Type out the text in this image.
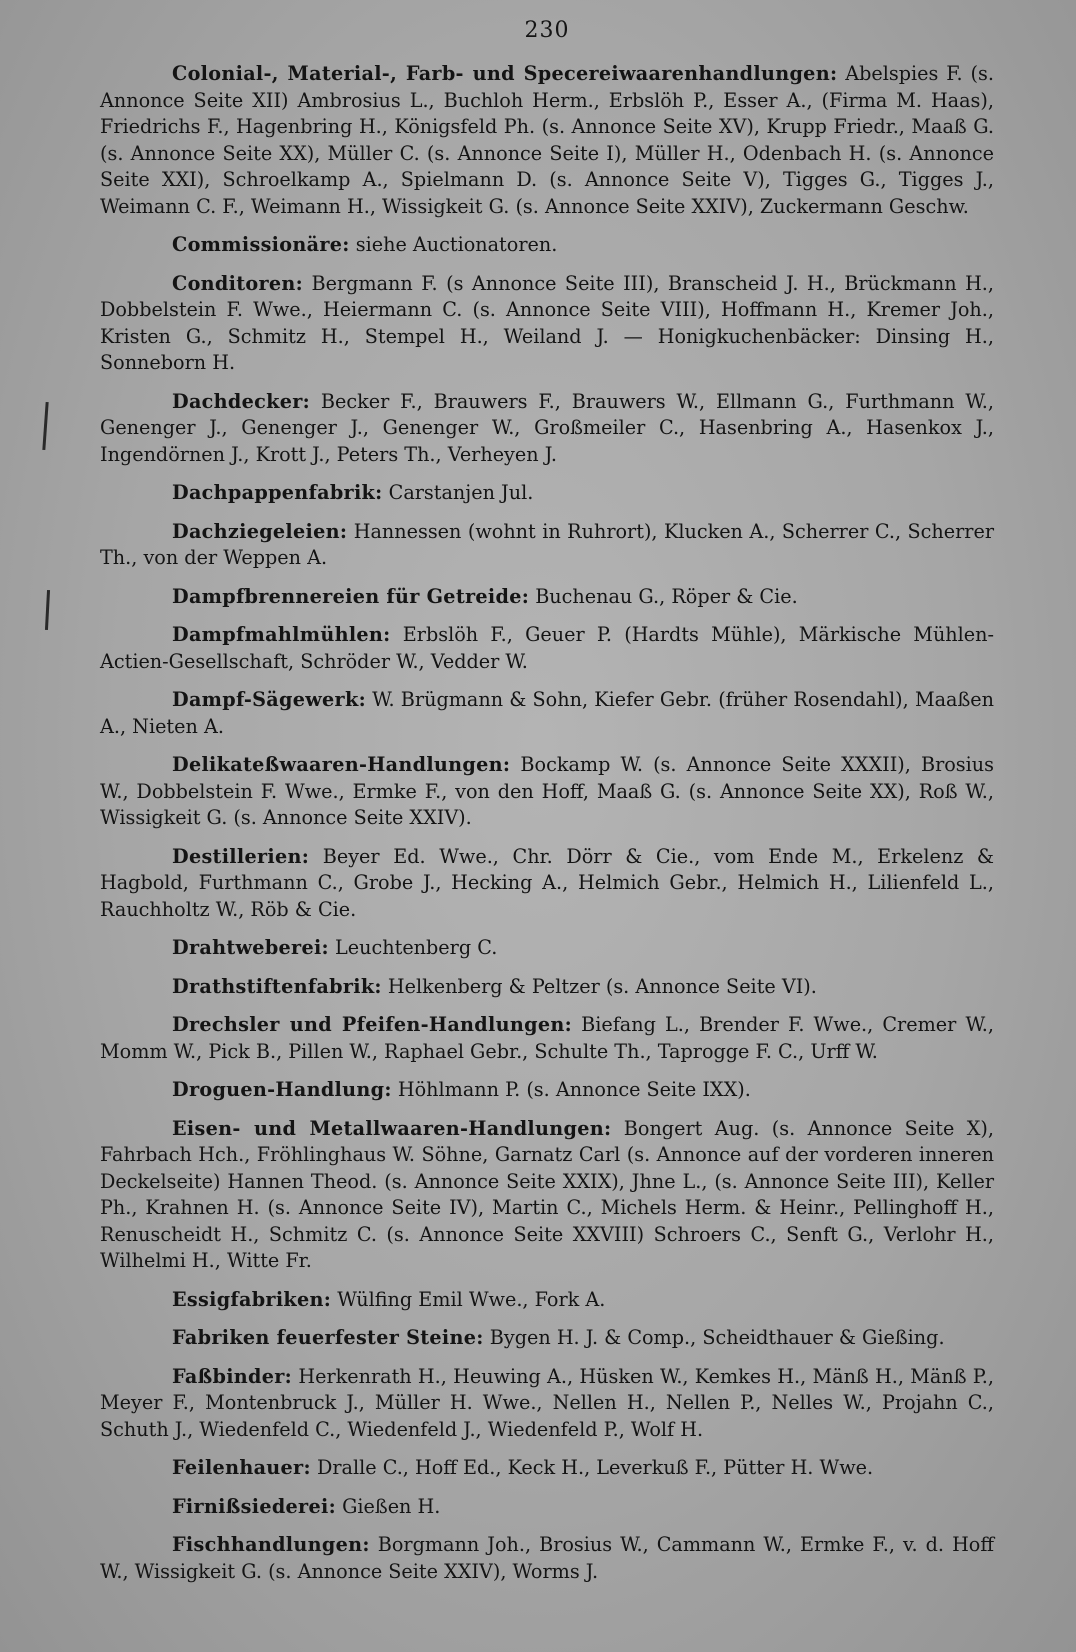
230

Colonial-, Material-, Farb- und Specereiwaarenhandlungen: Abelspies F. (s. Annonce Seite XII) Ambrosius L., Buchloh Herm., Erbslöh P., Esser A., (Firma M. Haas), Friedrichs F., Hagenbring H., Königsfeld Ph. (s. Annonce Seite XV), Krupp Friedr., Maaß G. (s. Annonce Seite XX), Müller C. (s. Annonce Seite I), Müller H., Odenbach H. (s. Annonce Seite XXI), Schroelkamp A., Spielmann D. (s. Annonce Seite V), Tigges G., Tigges J., Weimann C. F., Weimann H., Wissigkeit G. (s. Annonce Seite XXIV), Zuckermann Geschw.

Commissionäre: siehe Auctionatoren.

Conditoren: Bergmann F. (s Annonce Seite III), Branscheid J. H., Brückmann H., Dobbelstein F. Wwe., Heiermann C. (s. Annonce Seite VIII), Hoffmann H., Kremer Joh., Kristen G., Schmitz H., Stempel H., Weiland J. — Honigkuchenbäcker: Dinsing H., Sonneborn H.

Dachdecker: Becker F., Brauwers F., Brauwers W., Ellmann G., Furthmann W., Genenger J., Genenger J., Genenger W., Großmeiler C., Hasenbring A., Hasenkox J., Ingendörnen J., Krott J., Peters Th., Verheyen J.

Dachpappenfabrik: Carstanjen Jul.

Dachziegeleien: Hannessen (wohnt in Ruhrort), Klucken A., Scherrer C., Scherrer Th., von der Weppen A.

Dampfbrennereien für Getreide: Buchenau G., Röper & Cie.

Dampfmahlmühlen: Erbslöh F., Geuer P. (Hardts Mühle), Märkische Mühlen-Actien-Gesellschaft, Schröder W., Vedder W.

Dampf-Sägewerk: W. Brügmann & Sohn, Kiefer Gebr. (früher Rosendahl), Maaßen A., Nieten A.

Delikateßwaaren-Handlungen: Bockamp W. (s. Annonce Seite XXXII), Brosius W., Dobbelstein F. Wwe., Ermke F., von den Hoff, Maaß G. (s. Annonce Seite XX), Roß W., Wissigkeit G. (s. Annonce Seite XXIV).

Destillerien: Beyer Ed. Wwe., Chr. Dörr & Cie., vom Ende M., Erkelenz & Hagbold, Furthmann C., Grobe J., Hecking A., Helmich Gebr., Helmich H., Lilienfeld L., Rauchholtz W., Röb & Cie.

Drahtweberei: Leuchtenberg C.

Drathstiftenfabrik: Helkenberg & Peltzer (s. Annonce Seite VI).

Drechsler und Pfeifen-Handlungen: Biefang L., Brender F. Wwe., Cremer W., Momm W., Pick B., Pillen W., Raphael Gebr., Schulte Th., Taprogge F. C., Urff W.

Droguen-Handlung: Höhlmann P. (s. Annonce Seite IXX).

Eisen- und Metallwaaren-Handlungen: Bongert Aug. (s. Annonce Seite X), Fahrbach Hch., Fröhlinghaus W. Söhne, Garnatz Carl (s. Annonce auf der vorderen inneren Deckelseite) Hannen Theod. (s. Annonce Seite XXIX), Jhne L., (s. Annonce Seite III), Keller Ph., Krahnen H. (s. Annonce Seite IV), Martin C., Michels Herm. & Heinr., Pellinghoff H., Renuscheidt H., Schmitz C. (s. Annonce Seite XXVIII) Schroers C., Senft G., Verlohr H., Wilhelmi H., Witte Fr.

Essigfabriken: Wülfing Emil Wwe., Fork A.

Fabriken feuerfester Steine: Bygen H. J. & Comp., Scheidthauer & Gießing.

Faßbinder: Herkenrath H., Heuwing A., Hüsken W., Kemkes H., Mänß H., Mänß P., Meyer F., Montenbruck J., Müller H. Wwe., Nellen H., Nellen P., Nelles W., Projahn C., Schuth J., Wiedenfeld C., Wiedenfeld J., Wiedenfeld P., Wolf H.

Feilenhauer: Dralle C., Hoff Ed., Keck H., Leverkuß F., Pütter H. Wwe.

Firnißsiederei: Gießen H.

Fischhandlungen: Borgmann Joh., Brosius W., Cammann W., Ermke F., v. d. Hoff W., Wissigkeit G. (s. Annonce Seite XXIV), Worms J.
